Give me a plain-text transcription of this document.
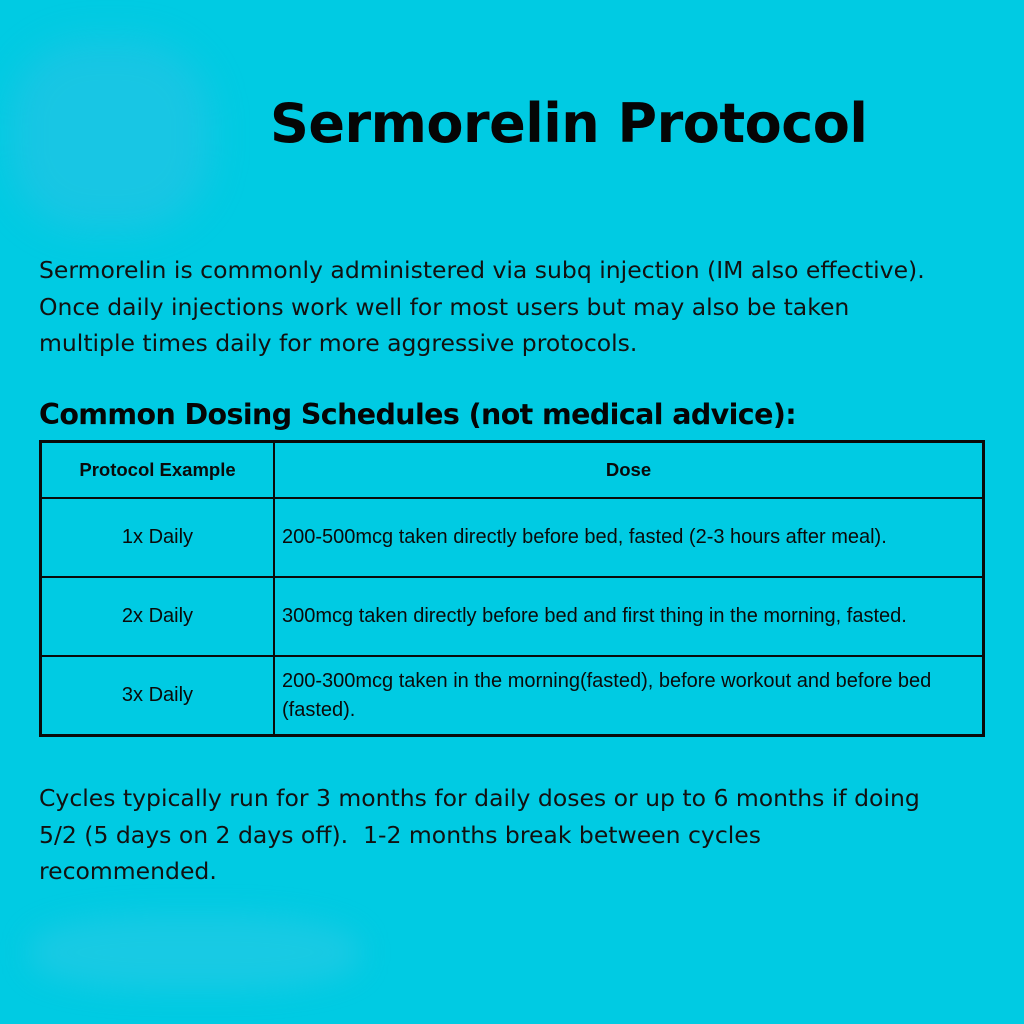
Sermorelin Protocol

Sermorelin is commonly administered via subq injection (IM also effective).
Once daily injections work well for most users but may also be taken
multiple times daily for more aggressive protocols.

Common Dosing Schedules (not medical advice):
Protocol Example	Dose
1x Daily	200-500mcg taken directly before bed, fasted (2-3 hours after meal).
2x Daily	300mcg taken directly before bed and first thing in the morning, fasted.
3x Daily	200-300mcg taken in the morning(fasted), before workout and before bed (fasted).

Cycles typically run for 3 months for daily doses or up to 6 months if doing
5/2 (5 days on 2 days off).  1-2 months break between cycles
recommended.
